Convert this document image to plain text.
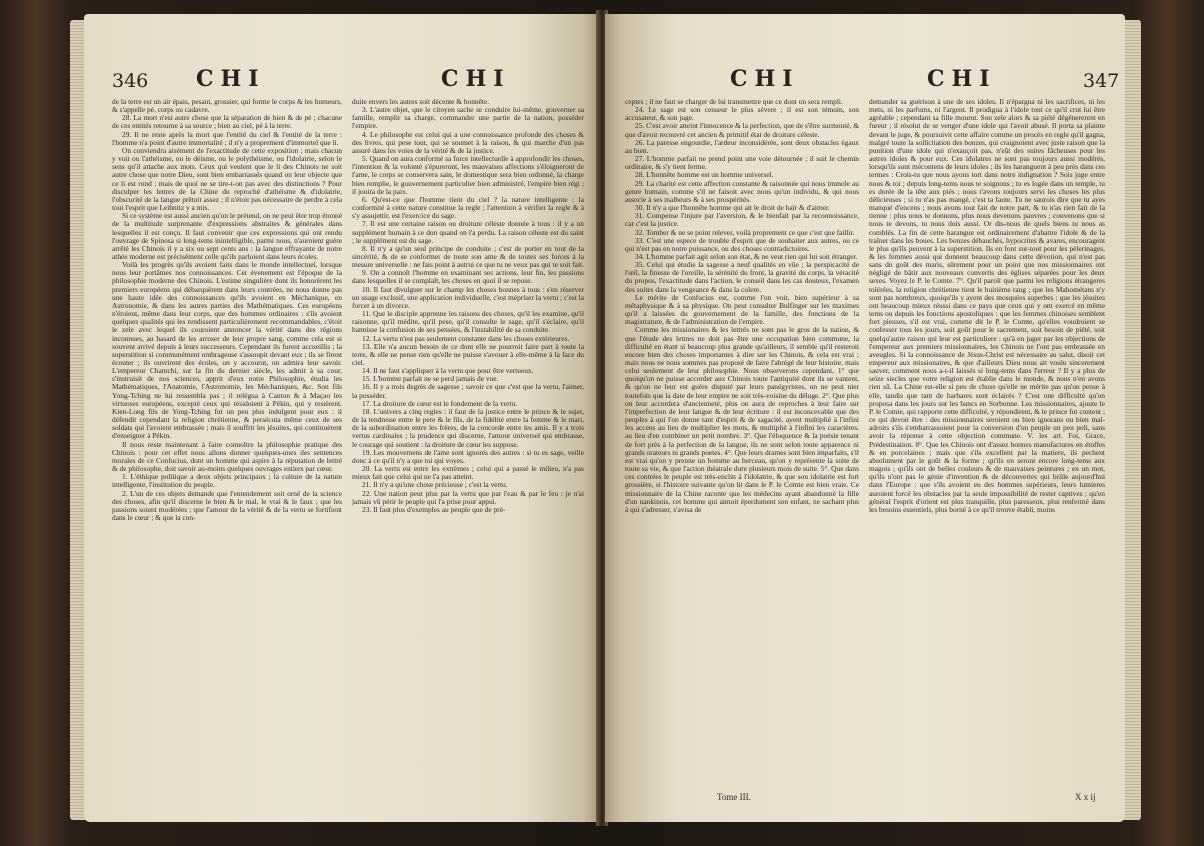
346 CHI	CHI

de la terre est un air épais, pesant, grossier, qui forme le corps & les humeurs, & s'appelle pé, corps ou cadavre.

28. La mort n'est autre chose que la séparation de bien & de pé ; chacune de ces entités retourne à sa source ; bien au ciel, pé à la terre.

29. Il ne reste après la mort que l'entité du ciel & l'entité de la terre : l'homme n'a point d'autre immortalité ; il n'y a proprement d'immortel que li.

On conviendra aisément de l'exactitude de cette exposition ; mais chacun y voit ou l'athéisme, ou le déisme, ou le polythéisme, ou l'idolatrie, selon le sens qu'il attache aux mots. Ceux qui veulent que le li des Chinois ne soit autre chose que notre Dieu, sont bien embarrassés quand on leur objecte que ce li est rond : mais de quoi ne se tire-t-on pas avec des distinctions ? Pour disculper les lettres de la Chine du reproché d'athéisme & d'idolatrie, l'obscurité de la langue prêtoit assez ; il n'étoit pas nécessaire de perdre à cela tout l'esprit que Leibnitz y a mis.

Si ce système est aussi ancien qu'on le prétend, on ne peut être trop étonné de la multitude surprenante d'expressions abstraites & générales dans lesquelles il est conçu. Il faut convenir que ces expressions qui ont rendu l'ouvrage de Spinosa si long-tems inintelligible, parmi nous, n'auroient guère arrêté les Chinois il y a six ou sept cents ans : la langue effrayante de notre athée moderne est précisément celle qu'ils parloient dans leurs écoles.

Voilà les progrès qu'ils avoient faits dans le monde intellectuel, lorsque nous leur portâmes nos connoissances. Cet évenement est l'époque de la philosophie moderne des Chinois. L'estime singulière dont ils honorèrent les premiers européens qui débarquèrent dans leurs contrées, ne nous donne pas une haute idée des connoissances qu'ils avoient en Méchanique, en Astronomie, & dans les autres parties des Mathématiques. Ces européens n'étoient, même dans leur corps, que des hommes ordinaires : s'ils avoient quelques qualités qui les rendissent particulièrement recommandables, c'étoit le zele avec lequel ils couroient annoncer la vérité dans des régions inconnues, au hasard de les arroser de leur propre sang, comme cela est si souvent arrivé depuis à leurs successeurs. Cependant ils furent accueillis ; la superstition si communément ombrageuse s'assoupit devant eux ; ils se firent écouter ; ils ouvrirent des écoles, on y accourut, on admira leur savoir. L'empereur Chamchi, sur la fin du dernier siècle, les admit à sa cour, s'instruisit de nos sciences, apprit d'eux notre Philosophie, étudia les Mathématiques, l'Anatomie, l'Astronomie, les Méchaniques, &c. Son fils Yong-Tching ne lui ressembla pas ; il relégua à Canton & à Maçao les virtuoses européens, excepté ceux qui résidoient à Pékin, qui y restèrent. Kien-Long fils de Yong-Tching fut un peu plus indulgent pour eux : il défendit cependant la religion chrétienne, & persécuta même ceux de ses soldats qui l'avoient embrassée ; mais il souffrit les jésuites, qui continuèrent d'enseigner à Pékin.

Il nous reste maintenant à faire connoître la philosophie pratique des Chinois : pour cet effet nous allons donner quelques-unes des sentences morales de ce Confucius, dont un homme qui aspire à la réputation de lettré & de philosophe, doit savoir au-moins quelques ouvrages entiers par cœur.

1. L'éthique politique a deux objets principaux ; la culture de la nature intelligente, l'institution du peuple.

2. L'un de ces objets demande que l'entendement soit orné de la science des choses, afin qu'il discerne le bien & le mal, le vrai & le faux ; que les passions soient modérées ; que l'amour de la vérité & de la vertu se fortifient dans le cœur ; & que la con-

duite envers les autres soit décente & honnête.

3. L'autre objet, que le citoyen sache se conduire lui-même, gouverner sa famille, remplir sa charge, commander une partie de la nation, posséder l'empire.

4. Le philosophe est celui qui a une connoissance profonde des choses & des livres, qui pese tout, qui se soumet à la raison, & qui marche d'un pas assuré dans les voies de la vérité & de la justice.

5. Quand on aura conformé sa force intellectuelle à approfondir les choses, l'intention & la volonté s'épureront, les mauvaises affections s'éloigneront de l'ame, le corps se conservera sain, le domestique sera bien ordonné, la charge bien remplie, le gouvernement particulier bien administré, l'empire bien régi ; il jouira de la paix.

6. Qu'est-ce que l'homme tient du ciel ? la nature intelligente : la conformité à cette nature constitue la regle ; l'attention à vérifier la regle & à s'y assujettir, est l'exercice du sage.

7. Il est une certaine raison ou droiture céleste donnée à tous : il y a un supplément humain à ce don quand on l'a perdu. La raison céleste est du saint ; le supplément est du sage.

8. Il n'y a qu'un seul principe de conduite ; c'est de porter en tout de la sincérité, & de se conformer de toute son ame & de toutes ses forces à la mesure universelle : ne fais point à autrui ce que tu ne veux pas qui te soit fait.

9. On a connoît l'homme en examinant ses actions, leur fin, les passions dans lesquelles il se complaît, les choses en quoi il se repose.

10. Il faut divulguer sur le champ les choses bonnes à tous : s'en réserver un usage exclusif, une application individuelle, c'est mépriser la vertu ; c'est la forcer à un divorce.

11. Que le disciple apprenne les raisons des choses, qu'il les examine, qu'il raisonne, qu'il médite, qu'il pese, qu'il consulte le sage, qu'il s'éclaire, qu'il bannisse la confusion de ses pensées, & l'instabilité de sa conduite.

12. La vertu n'est pas seulement constante dans les choses extérieures.

13. Elle n'a aucun besoin de ce dont elle ne pourroit faire part à toute la terre, & elle ne pense rien qu'elle ne puisse s'avouer à elle-même à la face du ciel.

14. Il ne faut s'appliquer à la vertu que pour être vertueux.

15. L'homme parfait ne se perd jamais de vue.

16. Il y a trois degrés de sagesse ; savoir ce que c'est que la vertu, l'aimer, la posséder.

17. La droiture de cœur est le fondement de la vertu.

18. L'univers a cinq regles : il faut de la justice entre le prince & le sujet, de la tendresse entre le pere & le fils, de la fidélité entre la femme & le mari, de la subordination entre les frères, de la concorde entre les amis. Il y a trois vertus cardinales ; la prudence qui discerne, l'amour universel qui embrasse, le courage qui soutient : la droiture de cœur les suppose.

19. Les mouvemens de l'ame sont ignorés des autres : si tu es sage, veille donc à ce qu'il n'y a que toi qui voyes.

20. La vertu est entre les extrèmes ; celui qui a passé le milieu, n'a pas mieux fait que celui qui ne l'a pas atteint.

21. Il n'y a qu'une chose précieuse ; c'est la vertu.

22. Une nation peut plus par la vertu que par l'eau & par le feu : je n'ai jamais vû périr le peuple qui l'a prise pour appui.

23. Il faut plus d'exemples au peuple que de pré-

CHI	CHI	347

ceptes ; il ne faut se charger de lui transmettre que ce dont on sera rempli.

24. Le sage est son censeur le plus sévere ; il est son témoin, son accusateur, & son juge.

25. C'est avoir atteint l'innocence & la perfection, que de s'être surmonté, & que d'avoir recouvré cet ancien & primitif état de droiture céleste.

26. La paresse engourdie, l'ardeur inconsidérée, sont deux obstacles égaux au bien.

27. L'homme parfait ne prend point une voie détournée ; il suit le chemin ordinaire, & s'y tient ferme.

28. L'honnête homme est un homme universel.

29. La charité est cette affection constante & raisonnée qui nous immole au genre humain, comme s'il ne faisoit avec nous qu'un individu, & qui nous associe à ses malheurs & à ses prospérités.

30. Il n'y a que l'honnête homme qui ait le droit de haïr & d'aimer.

31. Compense l'injure par l'aversion, & le bienfait par la reconnoissance, car c'est la justice.

32. Tomber & ne se point relever, voilà proprement ce que c'est que faillir.

33. C'est une espece de trouble d'esprit que de souhaiter aux autres, ou ce qui n'est pas en notre puissance, ou des choses contradictoires.

34. L'homme parfait agit selon son état, & ne veut rien qui lui soit étranger.

35. Celui qui étudie la sagesse a neuf qualités en vûe ; la perspicacité de l'œil, la finesse de l'oreille, la sérénité du front, la gravité du corps, la véracité du propos, l'exactitude dans l'action, le conseil dans les cas douteux, l'examen des suites dans la vengeance & dans la colere.

Le mérite de Confucius est, comme l'on voit, bien supérieur à sa métaphysique & à sa physique. On peut consulter Bulfinger sur les maximes qu'il a laissées du gouvernement de la famille, des fonctions de la magistrature, & de l'administration de l'empire.

Comme les missionaires & les lettrés ne sont pas le gros de la nation, & que l'étude des lettres ne doit pas être une occupation bien commune, la difficulté en étant si beaucoup plus grande qu'ailleurs, il semble qu'il resteroit encore bien des choses importantes à dire sur les Chinois, & cela est vrai ; mais nous ne nous sommes pas proposé de faire l'abrégé de leur histoire, mais celui seulement de leur philosophie. Nous observerons cependant, 1° que quoiqu'on ne puisse accorder aux Chinois toute l'antiquité dont ils se vantent, & qu'on ne leur est guère disputé par leurs panégyristes, on ne peut nier toutefois que la date de leur empire ne soit très-voisine du déluge. 2°. Que plus on leur accordera d'ancienneté, plus on aura de reproches à leur faire sur l'imperfection de leur langue & de leur écriture : il est inconcevable que des peuples à qui l'on donne tant d'esprit & de sagacité, ayent multiplié à l'infini les accens au lieu de multiplier les mots, & multiplié à l'infini les caractères, au lieu d'en combiner un petit nombre. 3°. Que l'éloquence & la poésie tenant de fort près à la perfection de la langue, ils ne sont selon toute apparence ni grands orateurs ni grands poetes. 4°. Que leurs drames sont bien imparfaits, s'il est vrai qu'on y prenne un homme au berceau, qu'on y représente la suite de toute sa vie, & que l'action théatrale dure plusieurs mois de suite. 5°. Que dans ces contrées le peuple est très-enclin à l'idolatrie, & que son idolatrie est fort grossière, si l'histoire suivante qu'on lit dans le P. le Comte est bien vraie. Ce missionnaire de la Chine raconte que les médecins ayant abandonné la fille d'un nankinois, cet homme qui aimoit éperdument son enfant, ne sachant plus à qui s'adresser, s'avisa de

demander sa guérison à une de ses idoles. Il n'épargna ni les sacrifices, ni les mets, ni les parfums, ni l'argent. Il prodigua à l'idole tout ce qu'il crut lui être agréable ; cependant sa fille mourut. Son zele alors & sa piété dégénererent en fureur ; il résolut de se venger d'une idole qui l'avoit abusé. Il porta sa plainte devant le juge, & poursuivit cette affaire comme un procès en regle qu'il gagna, malgré toute la sollicitation des bonzes, qui craignoient avec juste raison que la punition d'une idole qui n'exauçoit pas, n'eût des suites fâcheuses pour les autres idoles & pour eux. Ces idolatres ne sont pas toujours aussi modérés, lorsqu'ils sont mécontens de leurs idoles ; ils les haranguent à peu près dans ces termes : Crois-tu que nous ayons tort dans notre indignation ? Sois juge entre nous & toi ; depuis long-tems nous te soignons ; tu es logée dans un temple, tu es dorée de la tête aux piés ; nous t'avons toujours servi les choses les plus délicieuses ; si tu n'as pas mangé, c'est ta faute. Tu ne saurois dire que tu ayes manqué d'encens ; nous avons tout fait de notre part, & tu n'as rien fait de la tienne : plus nous te donnons, plus nous devenons pauvres ; convenons que si nous te devons, tu nous dois aussi. Or dis-nous de quels biens tu nous as comblés. La fin de cette harangue est ordinairement d'abattre l'idole & de la traîner dans les boues. Les bonzes débauchés, hypocrites & avares, encouragent le plus qu'ils peuvent à la superstition. Ils en font sur-tout pour les pélerinages, & les femmes aussi qui donnent beaucoup dans cette dévotion, qui n'est pas sans du goût des maris, sûrement pour un point que nos missionnaires ont négligé de bâtir aux nouveaux convertis des églises séparées pour les deux sexes. Voyez le P. le Comte. 7°. Qu'il paroît que parmi les religions étrangeres tolérées, la religion chrétienne tient le huitième rang ; que les Mahométans n'y sont pas nombreux, quoiqu'ils y ayent des mosquées superbes : que les jésuites ont beaucoup mieux réussi dans ce pays que ceux qui y ont exercé en même tems ou depuis les fonctions apostoliques : que les femmes chinoises semblent fort pieuses, s'il est vrai, comme dit le P. le Comte, qu'elles voudroient se confesser tous les jours, soit goût pour le sacrement, soit besoin de piété, soit quelqu'autre raison qui leur est particuliere : qu'à en juger par les objections de l'empereur aux premiers missionnaires, les Chinois ne l'ont pas embrassée en aveugles. Si la connoissance de Jésus-Christ est nécessaire au salut, disoit cet empereur aux missionaires, & que d'ailleurs Dieu nous ait voulu sincerement sauver, comment nous a-t-il laissés si long-tems dans l'erreur ? Il y a plus de seize siecles que votre religion est établie dans le monde, & nous n'en avons rien sû. La Chine est-elle si peu de chose qu'elle ne mérite pas qu'on pense à elle, tandis que tant de barbares sont éclairés ? C'est une difficulté qu'on proposa dans les jours sur les bancs en Sorbonne. Les missionnaires, ajoute le P. le Comte, qui rapporte cette difficulté, y répondirent, & le prince fut content ; ce qui devoit être : des missionnaires seroient ou bien ignorans ou bien mal-adroits s'ils s'embarrassoient pour la conversion d'un peuple un peu poli, sans avoir la réponse à cette objection commune. V. les art. Foi, Grace, Prédestination. 8°. Que les Chinois ont d'assez bonnes manufactures en étoffes & en porcelaines ; mais que s'ils excellent par la matiere, ils pechent absolument par le goût & la forme ; qu'ils en seront encore long-tems aux magots ; qu'ils ont de belles couleurs & de mauvaises peintures ; en un mot, qu'ils n'ont pas le génie d'invention & de découvertes qui brille aujourd'hui dans l'Europe : que s'ils avoient eu des hommes supérieurs, leurs lumieres auroient forcé les obstacles par la seule impossibilité de rester captives ; qu'en général l'esprit d'orient est plus tranquille, plus paresseux, plus renfermé dans les besoins essentiels, plus borné à ce qu'il trouve établi, moins

Tome III.	X x ij
